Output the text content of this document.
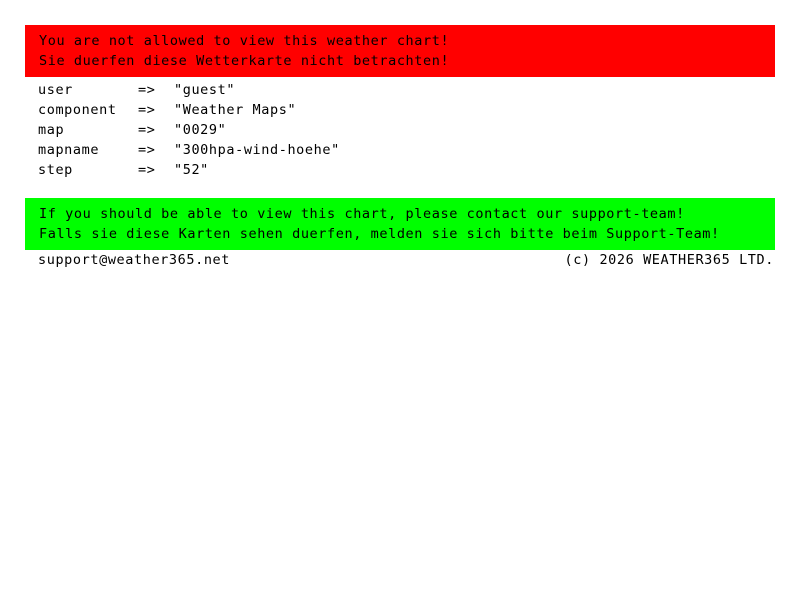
You are not allowed to view this weather chart!
Sie duerfen diese Wetterkarte nicht betrachten!
user	=>	"guest"
component	=>	"Weather Maps"
map	=>	"0029"
mapname	=>	"300hpa-wind-hoehe"
step	=>	"52"
If you should be able to view this chart, please contact our support-team!
Falls sie diese Karten sehen duerfen, melden sie sich bitte beim Support-Team!
support@weather365.net	(c) 2026 WEATHER365 LTD.
